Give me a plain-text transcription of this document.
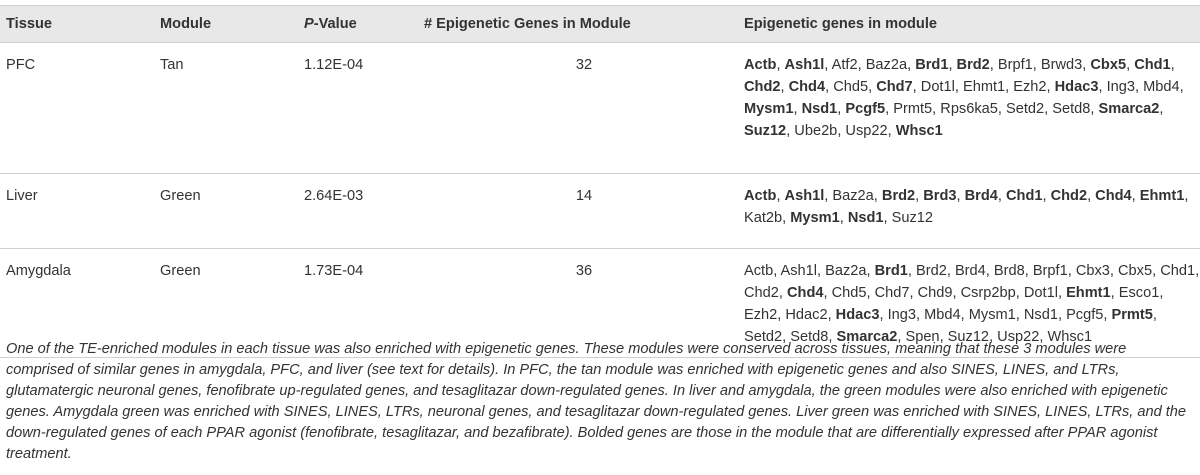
Tissue	Module	P-Value	# Epigenetic Genes in Module	Epigenetic genes in module
PFC	Tan	1.12E-04	32	Actb, Ash1l, Atf2, Baz2a, Brd1, Brd2, Brpf1, Brwd3, Cbx5, Chd1, Chd2, Chd4, Chd5, Chd7, Dot1l, Ehmt1, Ezh2, Hdac3, Ing3, Mbd4, Mysm1, Nsd1, Pcgf5, Prmt5, Rps6ka5, Setd2, Setd8, Smarca2, Suz12, Ube2b, Usp22, Whsc1
Liver	Green	2.64E-03	14	Actb, Ash1l, Baz2a, Brd2, Brd3, Brd4, Chd1, Chd2, Chd4, Ehmt1, Kat2b, Mysm1, Nsd1, Suz12
Amygdala	Green	1.73E-04	36	Actb, Ash1l, Baz2a, Brd1, Brd2, Brd4, Brd8, Brpf1, Cbx3, Cbx5, Chd1, Chd2, Chd4, Chd5, Chd7, Chd9, Csrp2bp, Dot1l, Ehmt1, Esco1, Ezh2, Hdac2, Hdac3, Ing3, Mbd4, Mysm1, Nsd1, Pcgf5, Prmt5, Setd2, Setd8, Smarca2, Spen, Suz12, Usp22, Whsc1

One of the TE-enriched modules in each tissue was also enriched with epigenetic genes. These modules were conserved across tissues, meaning that these 3 modules were comprised of similar genes in amygdala, PFC, and liver (see text for details). In PFC, the tan module was enriched with epigenetic genes and also SINES, LINES, and LTRs, glutamatergic neuronal genes, fenofibrate up-regulated genes, and tesaglitazar down-regulated genes. In liver and amygdala, the green modules were also enriched with epigenetic genes. Amygdala green was enriched with SINES, LINES, LTRs, neuronal genes, and tesaglitazar down-regulated genes. Liver green was enriched with SINES, LINES, LTRs, and the down-regulated genes of each PPAR agonist (fenofibrate, tesaglitazar, and bezafibrate). Bolded genes are those in the module that are differentially expressed after PPAR agonist treatment.
